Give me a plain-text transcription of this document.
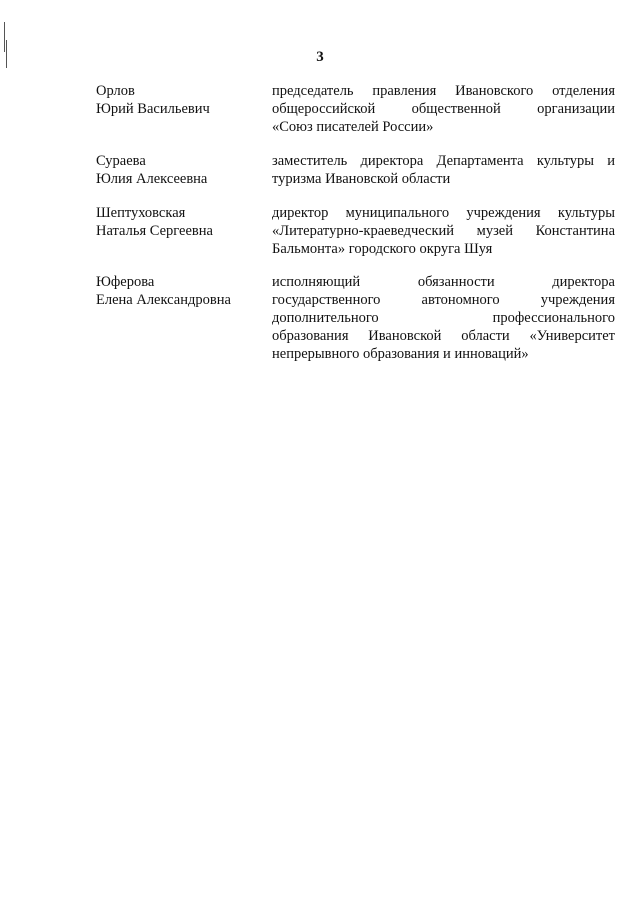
3
Орлов
Юрий Васильевич
председатель правления Ивановского отделения
общероссийской общественной организации
«Союз писателей России»
Сураева
Юлия Алексеевна
заместитель директора Департамента культуры и
туризма Ивановской области
Шептуховская
Наталья Сергеевна
директор муниципального учреждения культуры
«Литературно-краеведческий музей Константина
Бальмонта» городского округа Шуя
Юферова
Елена Александровна
исполняющий обязанности директора
государственного автономного учреждения
дополнительного профессионального
образования Ивановской области «Университет
непрерывного образования и инноваций»
